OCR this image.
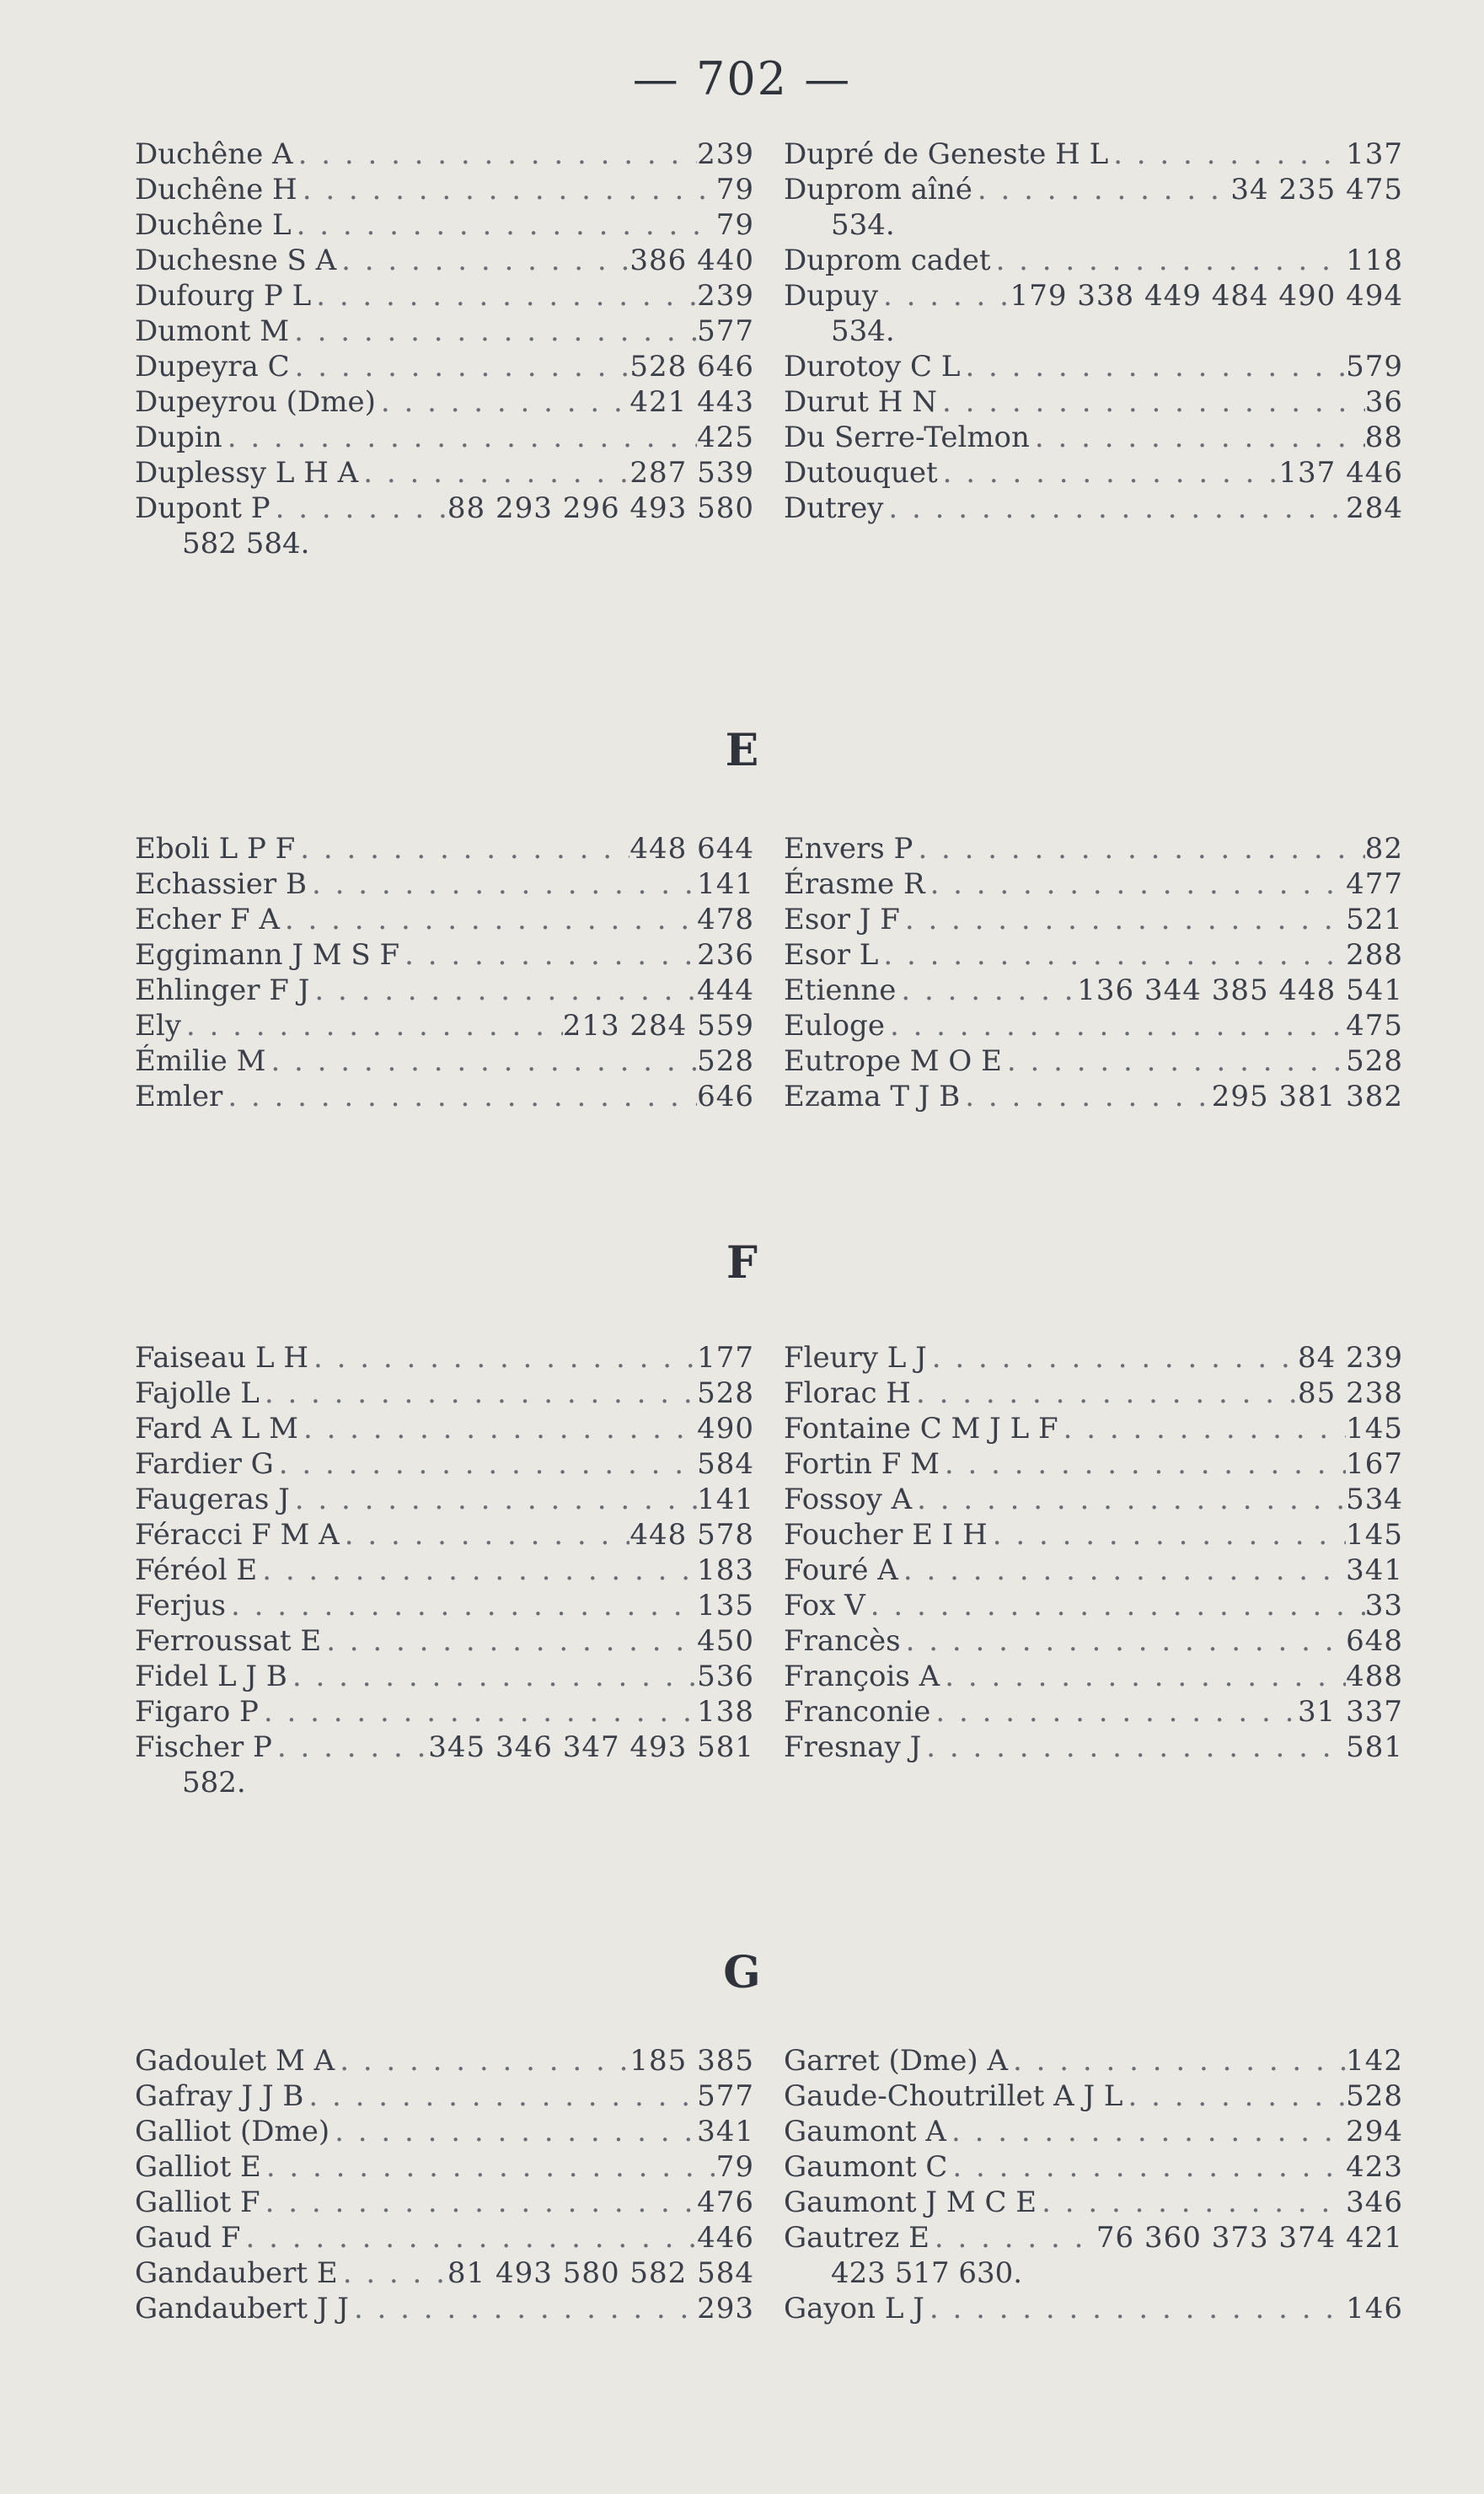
— 702 —
Duchêne A . . .	239
Duchêne H . . .	79
Duchêne L . . .	79
Duchesne S A . . .	386 440
Dufourg P L . . .	239
Dumont M . . .	577
Dupeyra C . . .	528 646
Dupeyrou (Dme) . . .	421 443
Dupin . . .	425
Duplessy L H A . . .	287 539
Dupont P . . .	88 293 296 493 580
582 584.
Dupré de Geneste H L . . .	137
Duprom aîné . . .	34 235 475
534.
Duprom cadet . . .	118
Dupuy . . .	179 338 449 484 490 494
534.
Durotoy C L . . .	579
Durut H N . . .	36
Du Serre-Telmon . . .	88
Dutouquet . . .	137 446
Dutrey . . .	284
E
Eboli L P F . . .	448 644
Echassier B . . .	141
Echer F A . . .	478
Eggimann J M S F . . .	236
Ehlinger F J . . .	444
Ely . . .	213 284 559
Émilie M . . .	528
Emler . . .	646
Envers P . . .	82
Érasme R . . .	477
Esor J F . . .	521
Esor L . . .	288
Etienne . . .	136 344 385 448 541
Euloge . . .	475
Eutrope M O E . . .	528
Ezama T J B . . .	295 381 382
F
Faiseau L H . . .	177
Fajolle L . . .	528
Fard A L M . . .	490
Fardier G . . .	584
Faugeras J . . .	141
Féracci F M A . . .	448 578
Féréol E . . .	183
Ferjus . . .	135
Ferroussat E . . .	450
Fidel L J B . . .	536
Figaro P . . .	138
Fischer P . . .	345 346 347 493 581
582.
Fleury L J . . .	84 239
Florac H . . .	85 238
Fontaine C M J L F . . .	145
Fortin F M . . .	167
Fossoy A . . .	534
Foucher E I H . . .	145
Fouré A . . .	341
Fox V . . .	33
Francès . . .	648
François A . . .	488
Franconie . . .	31 337
Fresnay J . . .	581
G
Gadoulet M A . . .	185 385
Gafray J J B . . .	577
Galliot (Dme) . . .	341
Galliot E . . .	79
Galliot F . . .	476
Gaud F . . .	446
Gandaubert E . . .	81 493 580 582 584
Gandaubert J J . . .	293
Garret (Dme) A . . .	142
Gaude-Choutrillet A J L . . .	528
Gaumont A . . .	294
Gaumont C . . .	423
Gaumont J M C E . . .	346
Gautrez E . . .	76 360 373 374 421
423 517 630.
Gayon L J . . .	146
